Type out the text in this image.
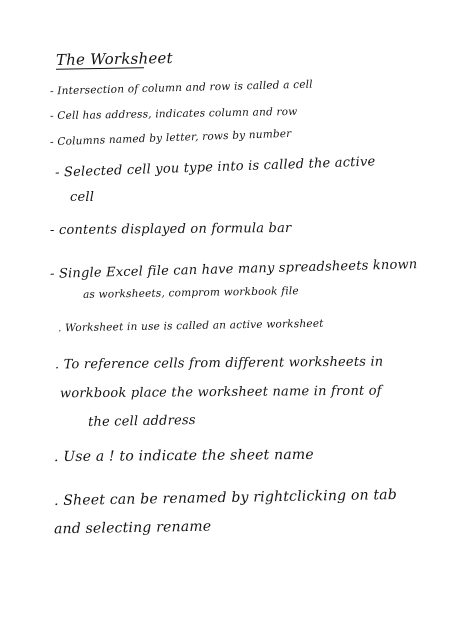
The Worksheet
- Intersection of column and row is called a cell
- Cell has address, indicates column and row
- Columns named by letter, rows by number
- Selected cell you type into is called the active
cell
- contents displayed on formula bar
- Single Excel file can have many spreadsheets known
as worksheets, comprom workbook file
. Worksheet in use is called an active worksheet
. To reference cells from different worksheets in
workbook place the worksheet name in front of
the cell address
. Use a ! to indicate the sheet name
. Sheet can be renamed by rightclicking on tab
and selecting rename
